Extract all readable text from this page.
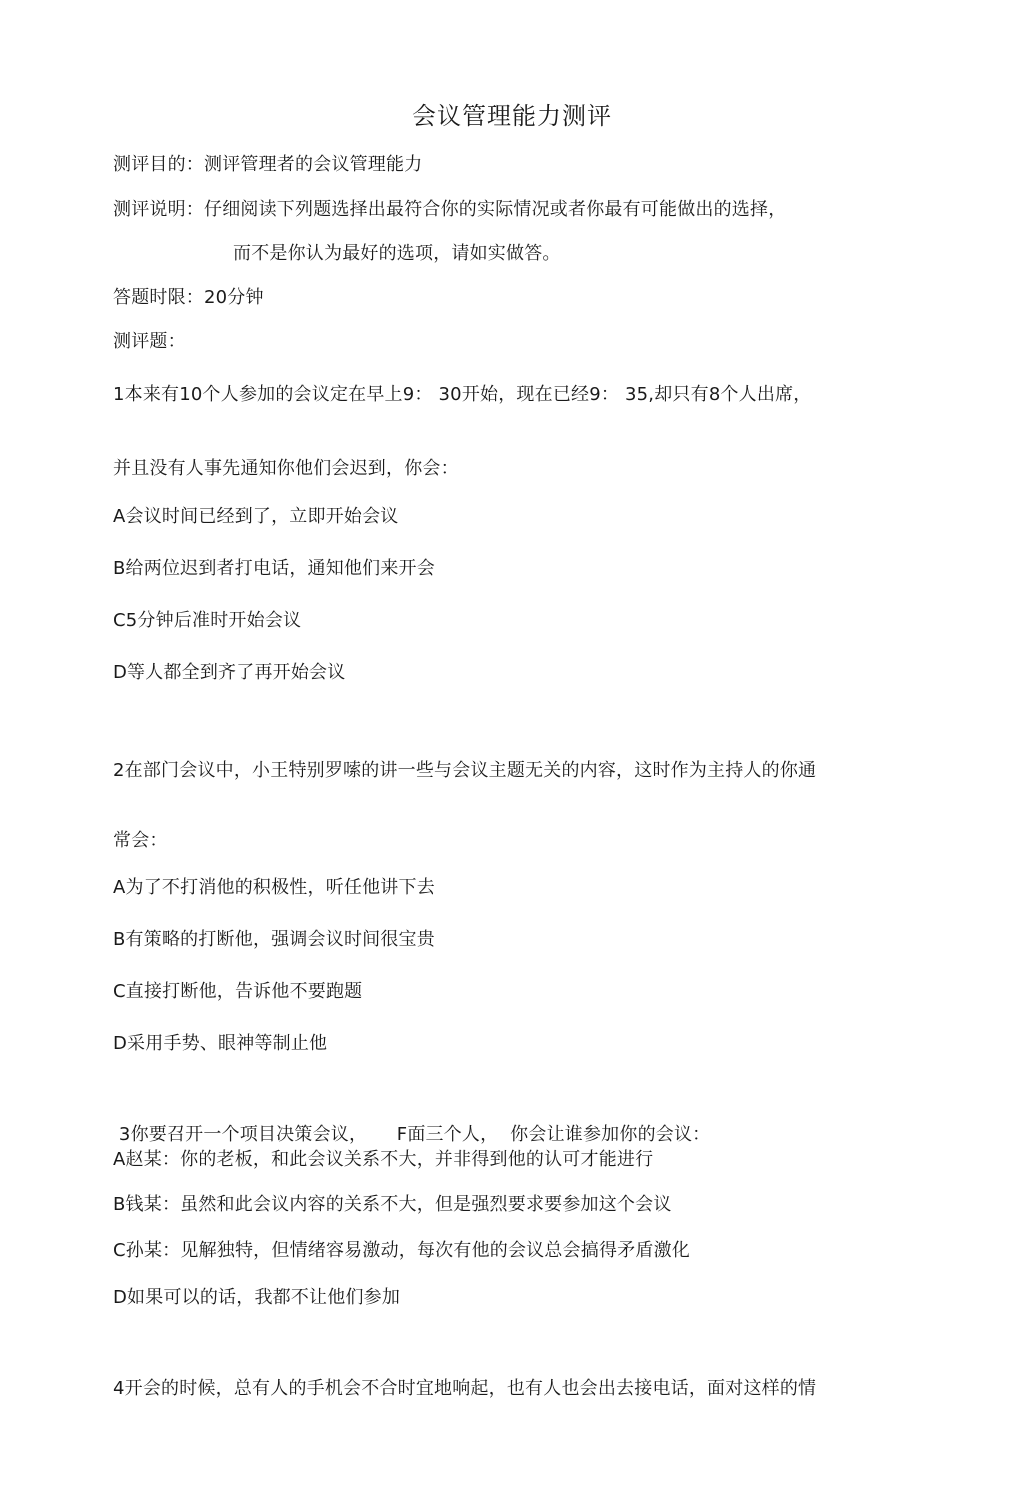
会议管理能力测评
测评目的：测评管理者的会议管理能力
测评说明：仔细阅读下列题选择出最符合你的实际情况或者你最有可能做出的选择，
而不是你认为最好的选项，请如实做答。
答题时限：20分钟
测评题：
1本来有10个人参加的会议定在早上9： 30开始，现在已经9： 35,却只有8个人出席，
并且没有人事先通知你他们会迟到，你会：
A会议时间已经到了，立即开始会议
B给两位迟到者打电话，通知他们来开会
C5分钟后准时开始会议
D等人都全到齐了再开始会议
2在部门会议中，小王特别罗嗦的讲一些与会议主题无关的内容，这时作为主持人的你通
常会：
A为了不打消他的积极性，听任他讲下去
B有策略的打断他，强调会议时间很宝贵
C直接打断他，告诉他不要跑题
D采用手势、眼神等制止他
3你要召开一个项目决策会议，     F面三个人，  你会让谁参加你的会议：
A赵某：你的老板，和此会议关系不大，并非得到他的认可才能进行
B钱某：虽然和此会议内容的关系不大，但是强烈要求要参加这个会议
C孙某：见解独特，但情绪容易激动，每次有他的会议总会搞得矛盾激化
D如果可以的话，我都不让他们参加
4开会的时候，总有人的手机会不合时宜地响起，也有人也会出去接电话，面对这样的情
